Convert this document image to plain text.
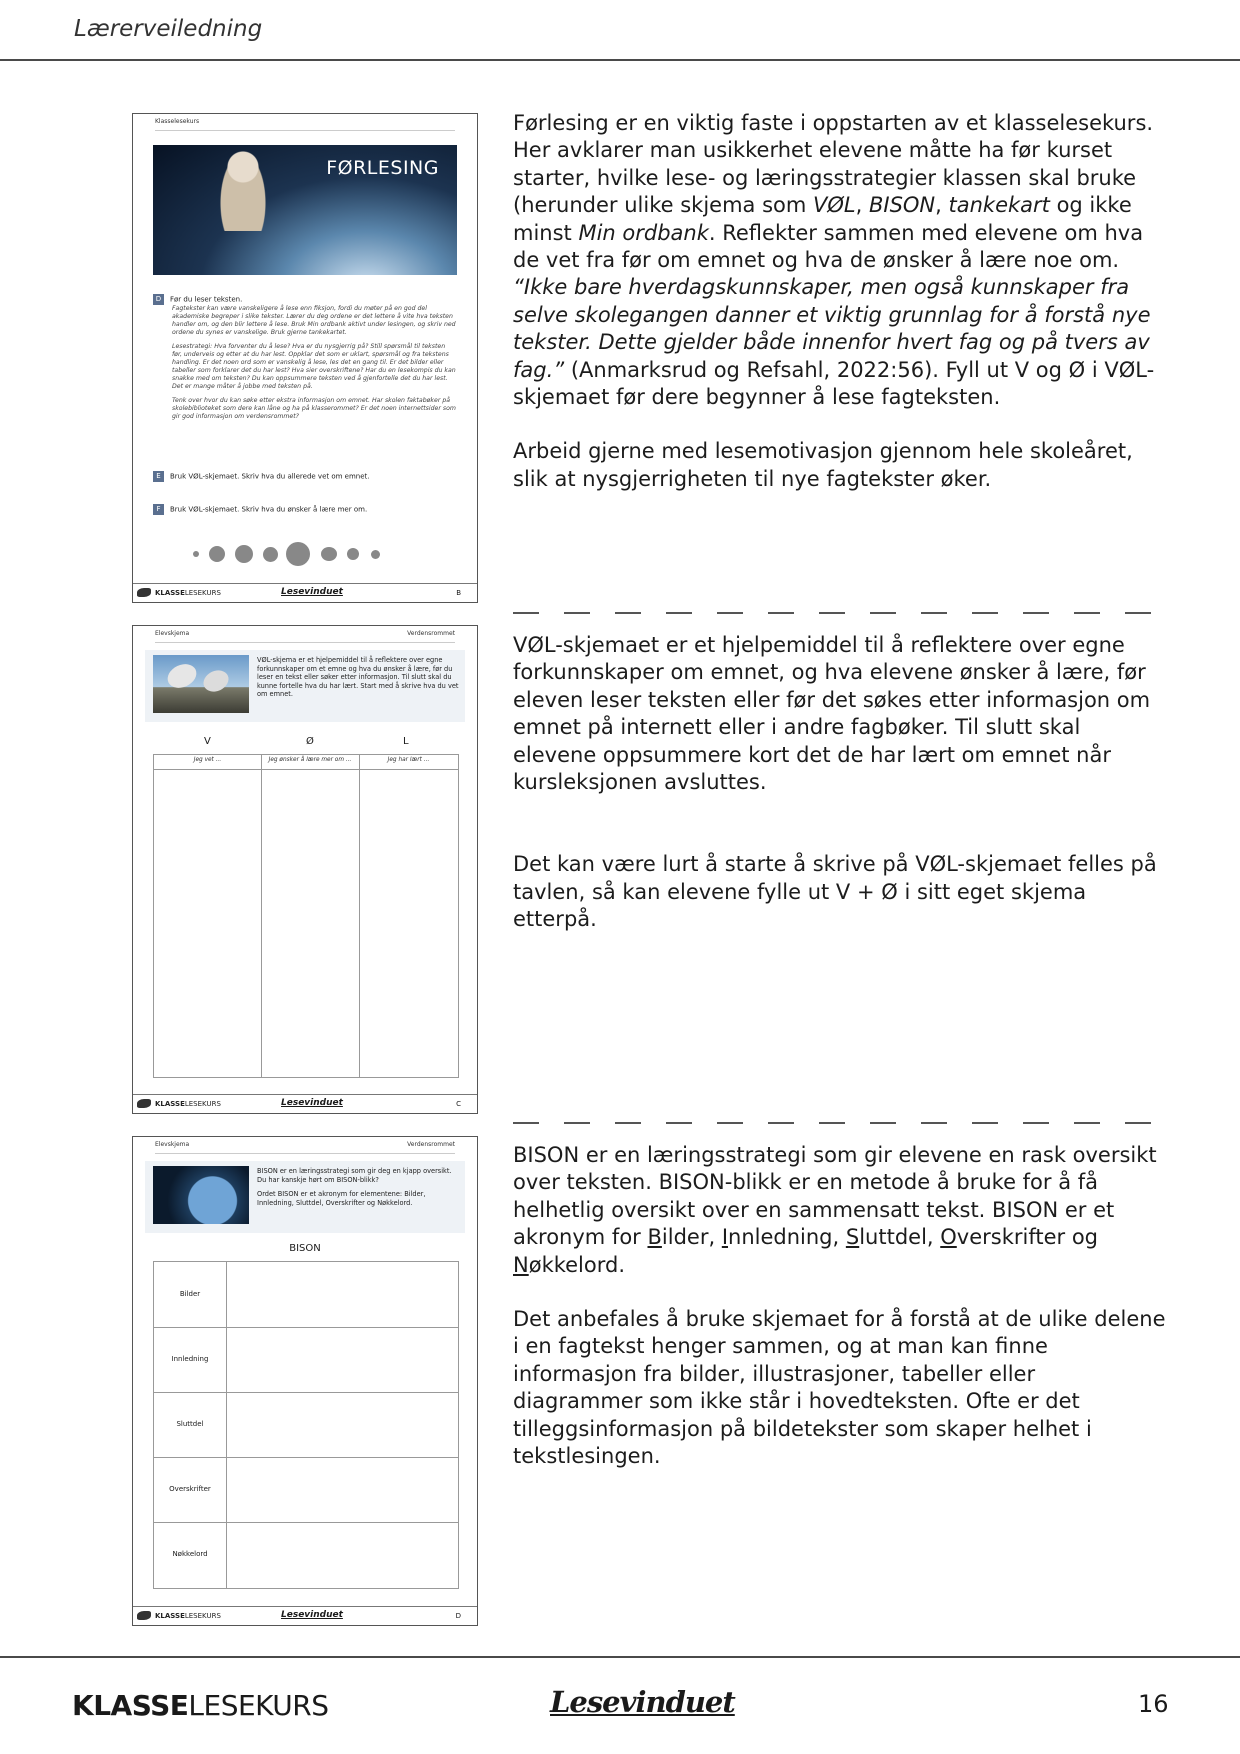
Lærerveiledning
Klasselesekurs
FØRLESING
D Før du leser teksten.

Fagtekster kan være vanskeligere å lese enn fiksjon, fordi du møter på en god del akademiske begreper i slike tekster. Lærer du deg ordene er det lettere å vite hva teksten handler om, og den blir lettere å lese. Bruk Min ordbank aktivt under lesingen, og skriv ned ordene du synes er vanskelige. Bruk gjerne tankekartet.

Lesestrategi: Hva forventer du å lese? Hva er du nysgjerrig på? Still spørsmål til teksten før, underveis og etter at du har lest. Oppklar det som er uklart, spørsmål og fra tekstens handling. Er det noen ord som er vanskelig å lese, les det en gang til. Er det bilder eller tabeller som forklarer det du har lest? Hva sier overskriftene? Har du en lesekompis du kan snakke med om teksten? Du kan oppsummere teksten ved å gjenfortelle det du har lest. Det er mange måter å jobbe med teksten på.

Tenk over hvor du kan søke etter ekstra informasjon om emnet. Har skolen faktabøker på skolebiblioteket som dere kan låne og ha på klasserommet? Er det noen internettsider som gir god informasjon om verdensrommet?

E Bruk VØL-skjemaet. Skriv hva du allerede vet om emnet.
F Bruk VØL-skjemaet. Skriv hva du ønsker å lære mer om.
KLASSELESEKURS	Lesevinduet	B
Elevskjema	Verdensrommet
VØL-skjema er et hjelpemiddel til å reflektere over egne forkunnskaper om et emne og hva du ønsker å lære, før du leser en tekst eller søker etter informasjon. Til slutt skal du kunne fortelle hva du har lært. Start med å skrive hva du vet om emnet.
V	Ø	L
Jeg vet ...	Jeg ønsker å lære mer om ...	Jeg har lært ...
KLASSELESEKURS	Lesevinduet	C
Elevskjema	Verdensrommet
BISON er en læringsstrategi som gir deg en kjapp oversikt. Du har kanskje hørt om BISON-blikk?
Ordet BISON er et akronym for elementene: Bilder, Innledning, Sluttdel, Overskrifter og Nøkkelord.
BISON
Bilder
Innledning
Sluttdel
Overskrifter
Nøkkelord
KLASSELESEKURS	Lesevinduet	D

Førlesing er en viktig faste i oppstarten av et klasselesekurs. Her avklarer man usikkerhet elevene måtte ha før kurset starter, hvilke lese- og læringsstrategier klassen skal bruke (herunder ulike skjema som VØL, BISON, tankekart og ikke minst Min ordbank. Reflekter sammen med elevene om hva de vet fra før om emnet og hva de ønsker å lære noe om. “Ikke bare hverdagskunnskaper, men også kunnskaper fra selve skolegangen danner et viktig grunnlag for å forstå nye tekster. Dette gjelder både innenfor hvert fag og på tvers av fag.” (Anmarksrud og Refsahl, 2022:56). Fyll ut V og Ø i VØL-skjemaet før dere begynner å lese fagteksten.

Arbeid gjerne med lesemotivasjon gjennom hele skoleåret, slik at nysgjerrigheten til nye fagtekster øker.

VØL-skjemaet er et hjelpemiddel til å reflektere over egne forkunnskaper om emnet, og hva elevene ønsker å lære, før eleven leser teksten eller før det søkes etter informasjon om emnet på internett eller i andre fagbøker. Til slutt skal elevene oppsummere kort det de har lært om emnet når kursleksjonen avsluttes.

Det kan være lurt å starte å skrive på VØL-skjemaet felles på tavlen, så kan elevene fylle ut V + Ø i sitt eget skjema etterpå.

BISON er en læringsstrategi som gir elevene en rask oversikt over teksten. BISON-blikk er en metode å bruke for å få helhetlig oversikt over en sammensatt tekst. BISON er et akronym for Bilder, Innledning, Sluttdel, Overskrifter og Nøkkelord.

Det anbefales å bruke skjemaet for å forstå at de ulike delene i en fagtekst henger sammen, og at man kan finne informasjon fra bilder, illustrasjoner, tabeller eller diagrammer som ikke står i hovedteksten. Ofte er det tilleggsinformasjon på bildetekster som skaper helhet i tekstlesingen.

KLASSELESEKURS	Lesevinduet	16
